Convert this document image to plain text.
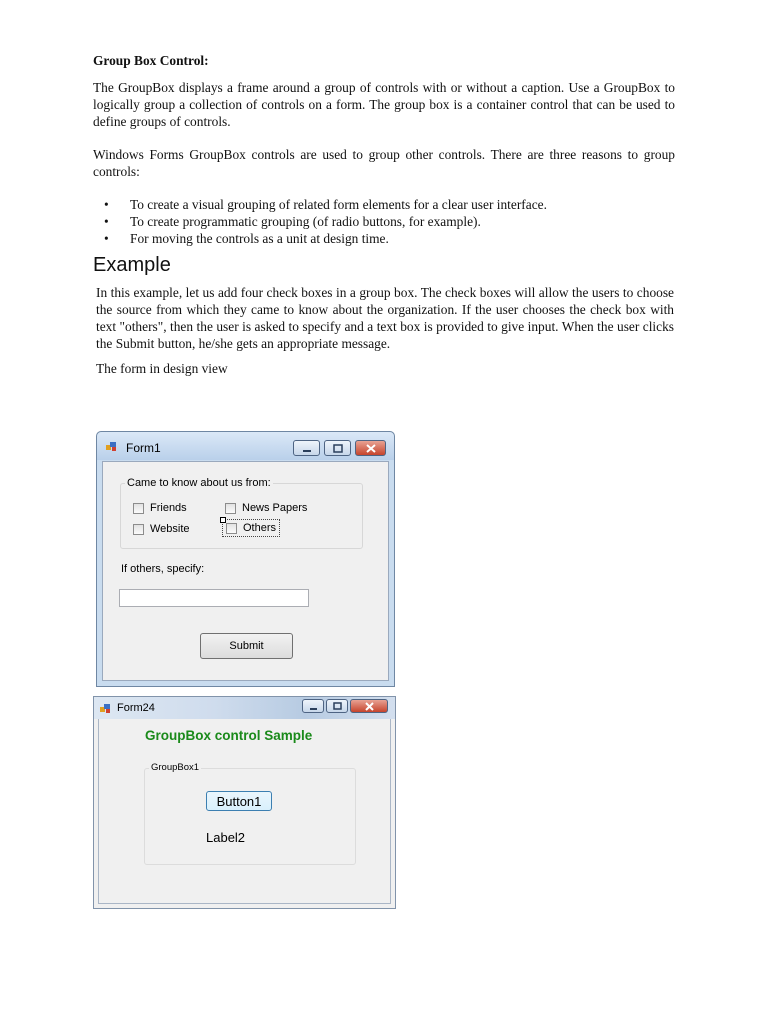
Group Box Control:

The GroupBox displays a frame around a group of controls with or without a caption. Use a GroupBox to logically group a collection of controls on a form. The group box is a container control that can be used to define groups of controls.

Windows Forms GroupBox controls are used to group other controls. There are three reasons to group controls:

• To create a visual grouping of related form elements for a clear user interface.
• To create programmatic grouping (of radio buttons, for example).
• For moving the controls as a unit at design time.
Example

In this example, let us add four check boxes in a group box. The check boxes will allow the users to choose the source from which they came to know about the organization. If the user chooses the check box with text "others", then the user is asked to specify and a text box is provided to give input. When the user clicks the Submit button, he/she gets an appropriate message.

The form in design view

Form1
Came to know about us from:
Friends	News Papers
Website	Others
If others, specify:
Submit
Form24
GroupBox control Sample
GroupBox1
Button1
Label2
